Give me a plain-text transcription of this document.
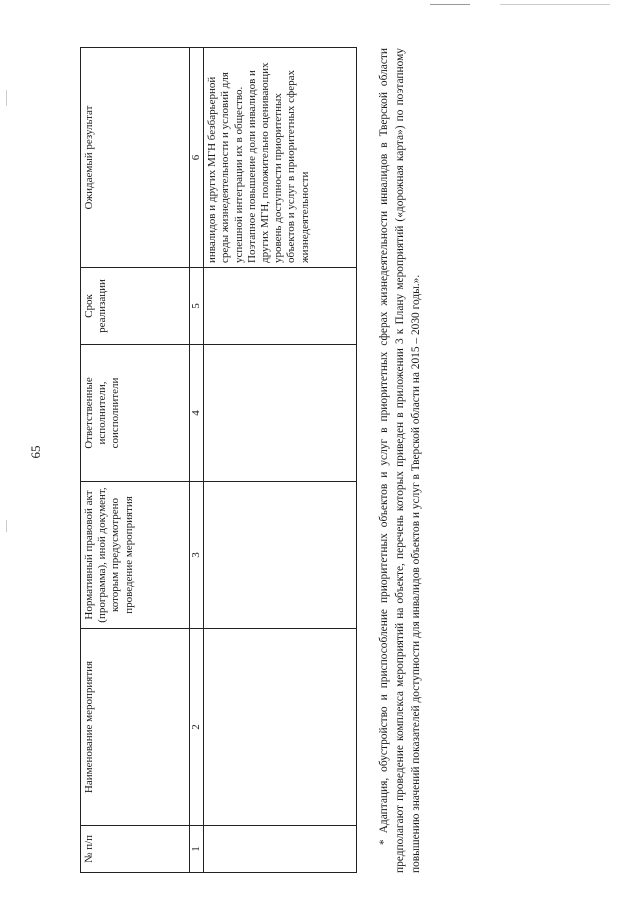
65
№ п/п	Наименование мероприятия	Нормативный правовой акт (программа), иной документ, которым предусмотрено проведение мероприятия	Ответственные исполнители, соисполнители	Срок реализации	Ожидаемый результат
1	2	3	4	5	6
					инвалидов и других МГН безбарьерной среды жизнедеятельности и условий для успешной интеграции их в общество. Поэтапное повышение доли инвалидов и других МГН, положительно оценивающих уровень доступности приоритетных объектов и услуг в приоритетных сферах жизнедеятельности	* Адаптация, обустройство и приспособление приоритетных объектов и услуг в приоритетных сферах жизнедеятельности инвалидов в Тверской области предполагают проведение комплекса мероприятий на объекте, перечень которых приведен в приложении 3 к Плану мероприятий («дорожная карта») по поэтапному повышению значений показателей доступности для инвалидов объектов и услуг в Тверской области на 2015 – 2030 годы.».
